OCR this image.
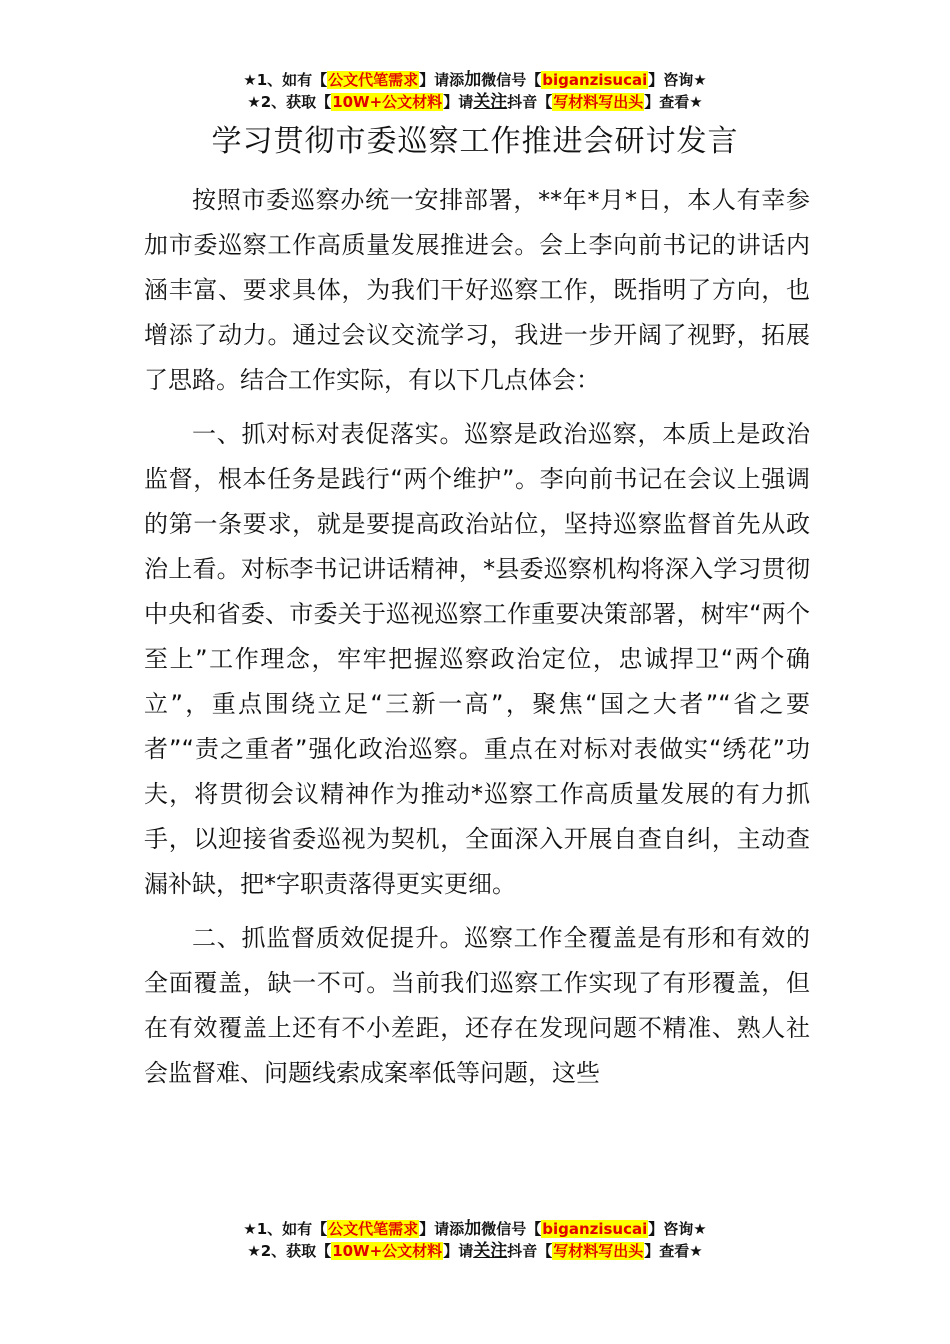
★1、如有【公文代笔需求】请添加微信号【biganzisucai】咨询★
★2、获取【10W+公文材料】请关注抖音【写材料写出头】查看★
学习贯彻市委巡察工作推进会研讨发言

按照市委巡察办统一安排部署，**年*月*日，本人有幸参加市委巡察工作高质量发展推进会。会上李向前书记的讲话内涵丰富、要求具体，为我们干好巡察工作，既指明了方向，也增添了动力。通过会议交流学习，我进一步开阔了视野，拓展了思路。结合工作实际，有以下几点体会：

一、抓对标对表促落实。巡察是政治巡察，本质上是政治监督，根本任务是践行“两个维护”。李向前书记在会议上强调的第一条要求，就是要提高政治站位，坚持巡察监督首先从政治上看。对标李书记讲话精神，*县委巡察机构将深入学习贯彻中央和省委、市委关于巡视巡察工作重要决策部署，树牢“两个至上”工作理念，牢牢把握巡察政治定位，忠诚捍卫“两个确立”，重点围绕立足“三新一高”，聚焦“国之大者”“省之要者”“责之重者”强化政治巡察。重点在对标对表做实“绣花”功夫，将贯彻会议精神作为推动*巡察工作高质量发展的有力抓手，以迎接省委巡视为契机，全面深入开展自查自纠，主动查漏补缺，把*字职责落得更实更细。

二、抓监督质效促提升。巡察工作全覆盖是有形和有效的全面覆盖，缺一不可。当前我们巡察工作实现了有形覆盖，但在有效覆盖上还有不小差距，还存在发现问题不精准、熟人社会监督难、问题线索成案率低等问题，这些

★1、如有【公文代笔需求】请添加微信号【biganzisucai】咨询★
★2、获取【10W+公文材料】请关注抖音【写材料写出头】查看★
